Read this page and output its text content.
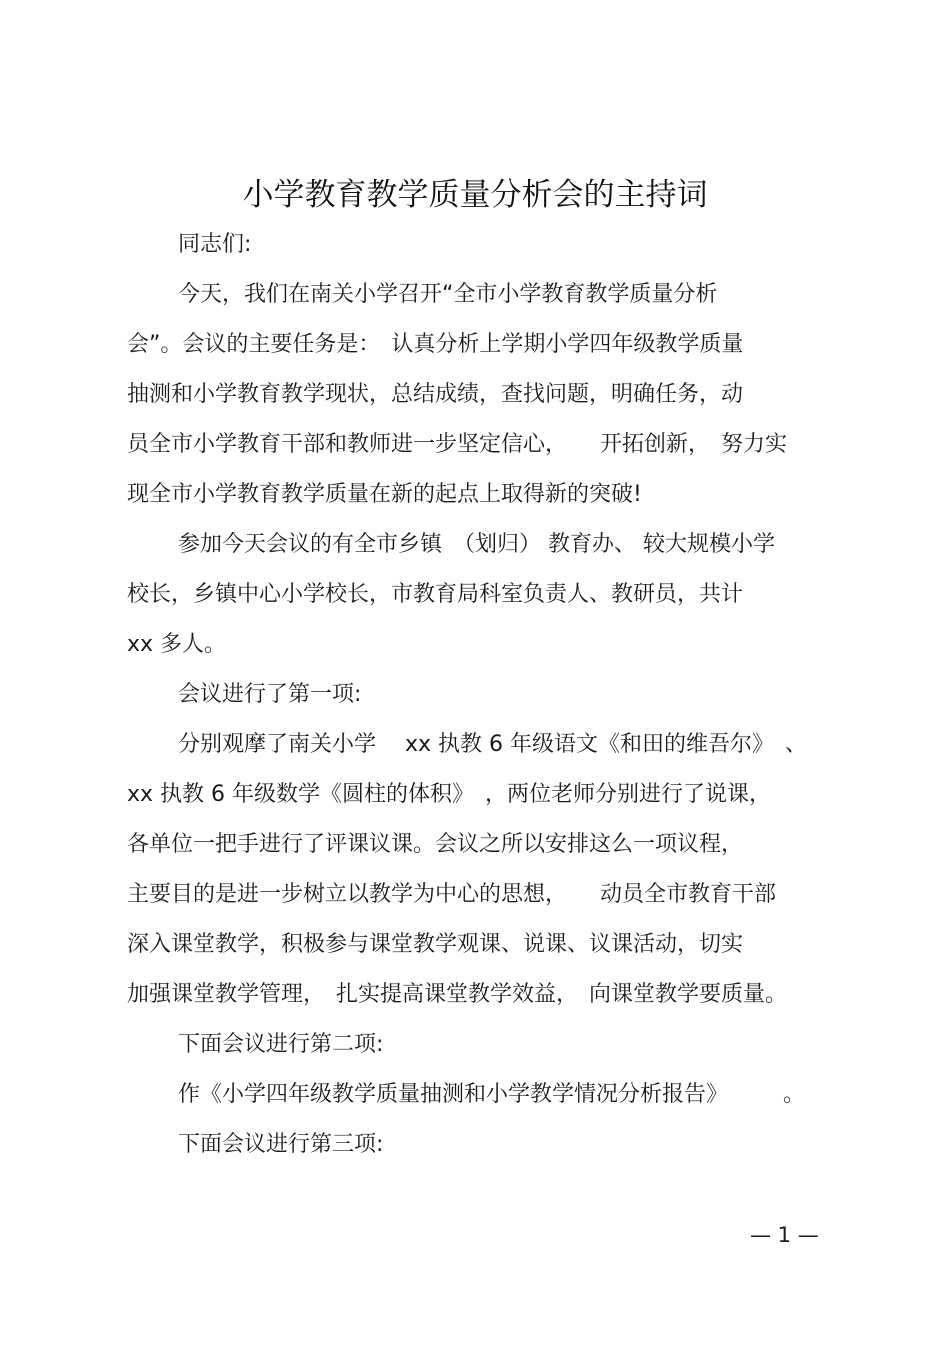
小学教育教学质量分析会的主持词
同志们:
今天，我们在南关小学召开“全市小学教育教学质量分析
会”。会议的主要任务是：　认真分析上学期小学四年级教学质量
抽测和小学教育教学现状，总结成绩，查找问题，明确任务，动
员全市小学教育干部和教师进一步坚定信心，　　开拓创新，　努力实
现全市小学教育教学质量在新的起点上取得新的突破!
参加今天会议的有全市乡镇　（划归） 教育办、 较大规模小学
校长，乡镇中心小学校长，市教育局科室负责人、教研员，共计
xx 多人。
会议进行了第一项:
分别观摩了南关小学　 xx 执教 6 年级语文《和田的维吾尔》　、
xx 执教 6 年级数学《圆柱的体积》　，两位老师分别进行了说课，
各单位一把手进行了评课议课。会议之所以安排这么一项议程，
主要目的是进一步树立以教学为中心的思想，　　动员全市教育干部
深入课堂教学，积极参与课堂教学观课、说课、议课活动，切实
加强课堂教学管理，　扎实提高课堂教学效益，　向课堂教学要质量。
下面会议进行第二项:
作《小学四年级教学质量抽测和小学教学情况分析报告》　　　。
下面会议进行第三项:
— 1 —
